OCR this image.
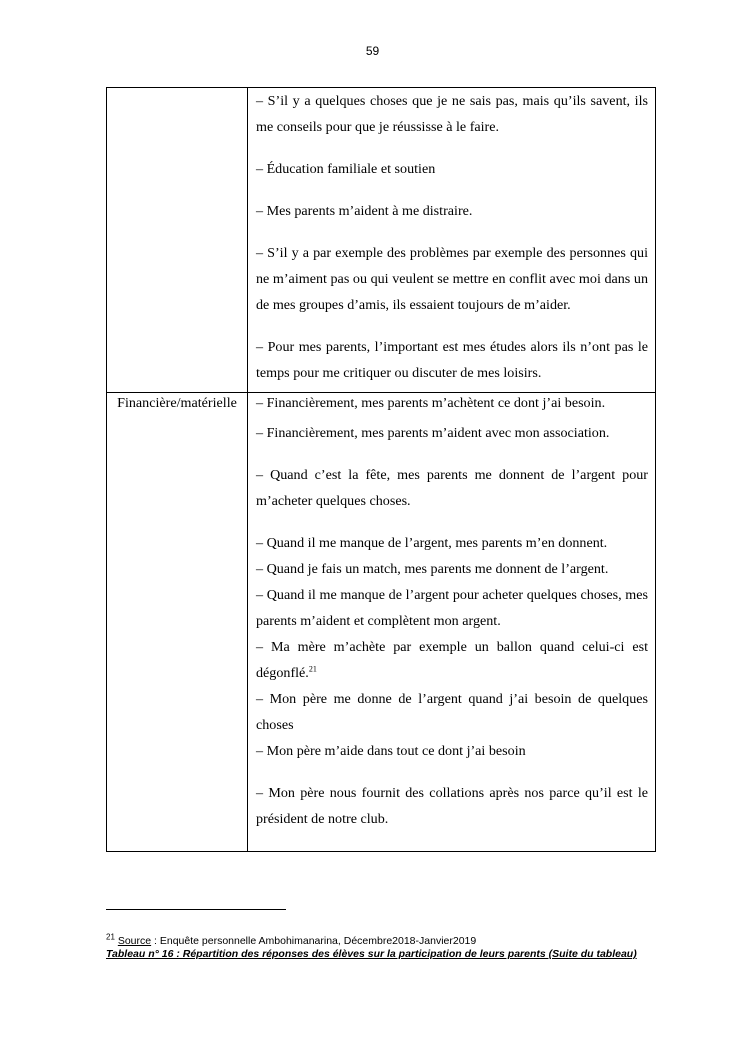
59

– S’il y a quelques choses que je ne sais pas, mais qu’ils savent, ils me conseils pour que je réussisse à le faire.

– Éducation familiale et soutien

– Mes parents m’aident à me distraire.

– S’il y a par exemple des problèmes par exemple des personnes qui ne m’aiment pas ou qui veulent se mettre en conflit avec moi dans un de mes groupes d’amis, ils essaient toujours de m’aider.

– Pour mes parents, l’important est mes études alors ils n’ont pas le temps pour me critiquer ou discuter de mes loisirs.

Financière/matérielle	– Financièrement, mes parents m’achètent ce dont j’ai besoin.

– Financièrement, mes parents m’aident avec mon association.

– Quand c’est la fête, mes parents me donnent de l’argent pour m’acheter quelques choses.

– Quand il me manque de l’argent, mes parents m’en donnent.

– Quand je fais un match, mes parents me donnent de l’argent.

– Quand il me manque de l’argent pour acheter quelques choses, mes parents m’aident et complètent mon argent.

– Ma mère m’achète par exemple un ballon quand celui-ci est dégonflé.$^{21}$

– Mon père me donne de l’argent quand j’ai besoin de quelques choses

– Mon père m’aide dans tout ce dont j’ai besoin

– Mon père nous fournit des collations après nos parce qu’il est le président de notre club.

$^{21}$ Source : Enquête personnelle Ambohimanarina, Décembre2018-Janvier2019
Tableau n° 16 : Répartition des réponses des élèves sur la participation de leurs parents (Suite du tableau)
